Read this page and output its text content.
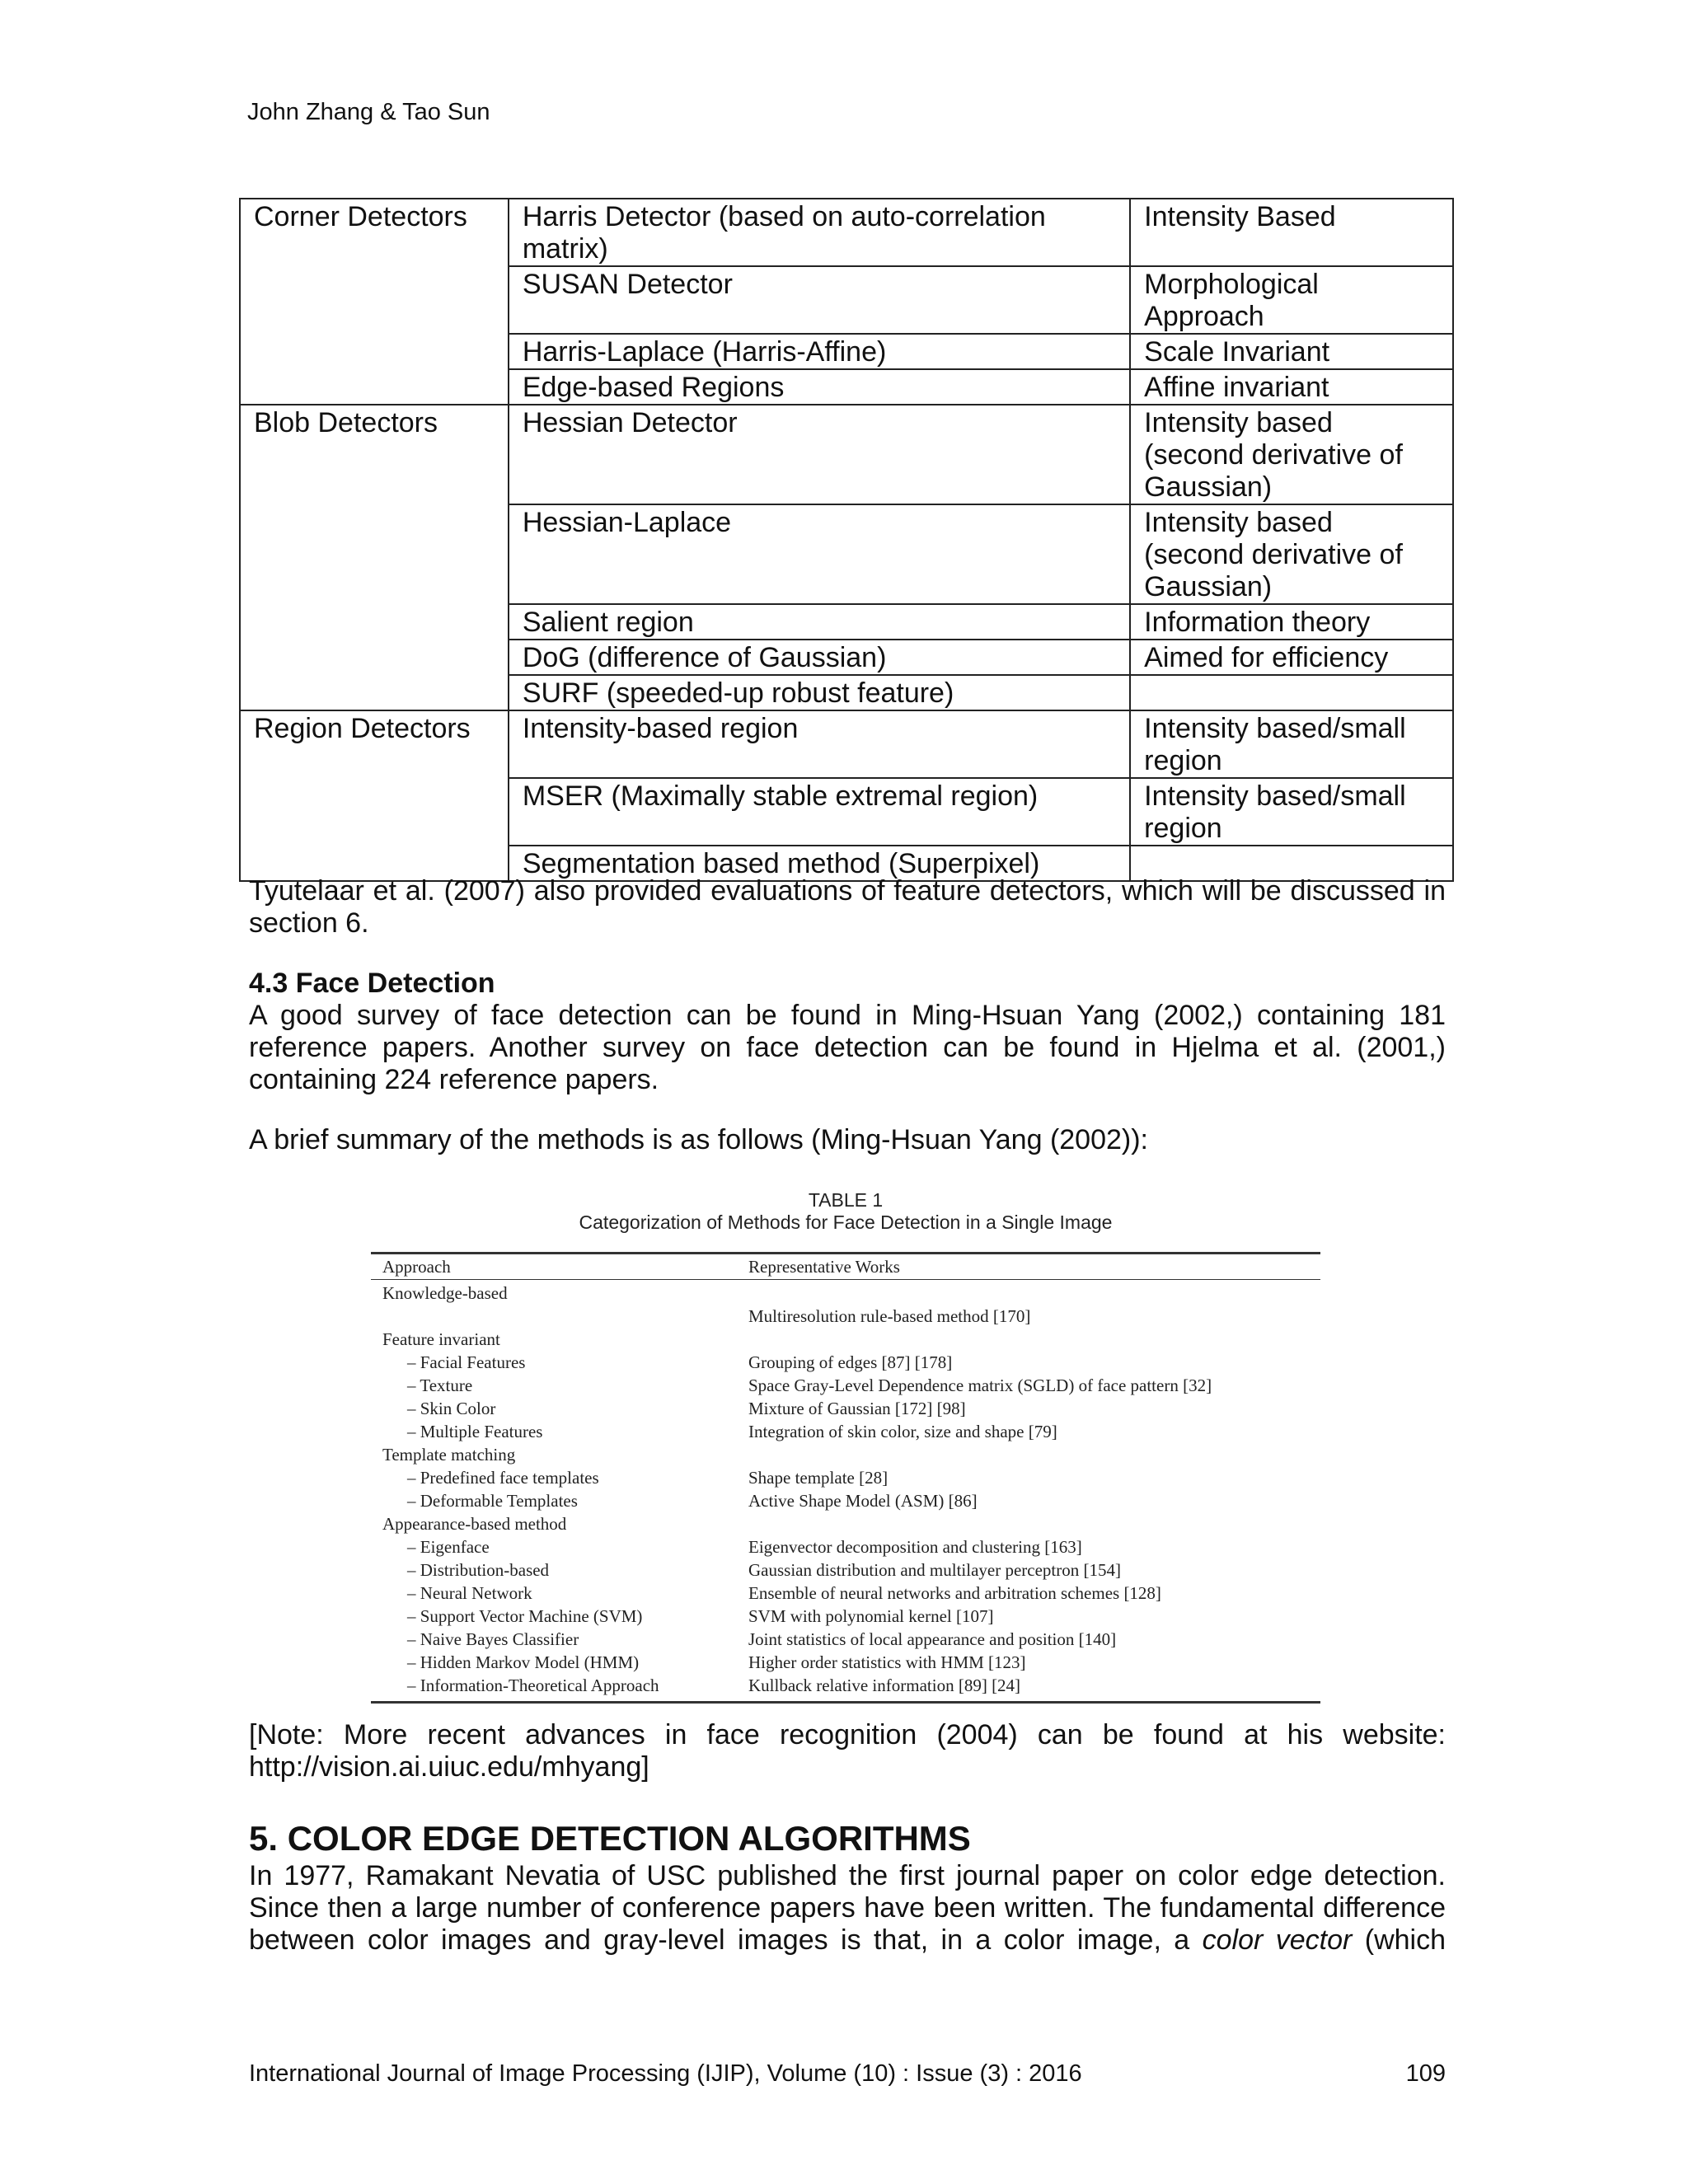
John Zhang & Tao Sun
Corner Detectors	Harris Detector (based on auto-correlation matrix)	Intensity Based
	SUSAN Detector	Morphological Approach
	Harris-Laplace (Harris-Affine)	Scale Invariant
	Edge-based Regions	Affine invariant
Blob Detectors	Hessian Detector	Intensity based (second derivative of Gaussian)
	Hessian-Laplace	Intensity based (second derivative of Gaussian)
	Salient region	Information theory
	DoG (difference of Gaussian)	Aimed for efficiency
	SURF (speeded-up robust feature)	
Region Detectors	Intensity-based region	Intensity based/small region
	MSER (Maximally stable extremal region)	Intensity based/small region
	Segmentation based method (Superpixel)	
Tyutelaar et al. (2007) also provided evaluations of feature detectors, which will be discussed in section 6.
4.3 Face Detection
A good survey of face detection can be found in Ming-Hsuan Yang (2002,) containing 181 reference papers. Another survey on face detection can be found in Hjelma et al. (2001,) containing 224 reference papers.
A brief summary of the methods is as follows (Ming-Hsuan Yang (2002)):
TABLE 1
Categorization of Methods for Face Detection in a Single Image
Approach	Representative Works
Knowledge-based
Multiresolution rule-based method [170]
Feature invariant
– Facial Features	Grouping of edges [87] [178]
– Texture	Space Gray-Level Dependence matrix (SGLD) of face pattern [32]
– Skin Color	Mixture of Gaussian [172] [98]
– Multiple Features	Integration of skin color, size and shape [79]
Template matching
– Predefined face templates	Shape template [28]
– Deformable Templates	Active Shape Model (ASM) [86]
Appearance-based method
– Eigenface	Eigenvector decomposition and clustering [163]
– Distribution-based	Gaussian distribution and multilayer perceptron [154]
– Neural Network	Ensemble of neural networks and arbitration schemes [128]
– Support Vector Machine (SVM)	SVM with polynomial kernel [107]
– Naive Bayes Classifier	Joint statistics of local appearance and position [140]
– Hidden Markov Model (HMM)	Higher order statistics with HMM [123]
– Information-Theoretical Approach	Kullback relative information [89] [24]
[Note: More recent advances in face recognition (2004) can be found at his website:
http://vision.ai.uiuc.edu/mhyang]
5. COLOR EDGE DETECTION ALGORITHMS
In 1977, Ramakant Nevatia of USC published the first journal paper on color edge detection. Since then a large number of conference papers have been written. The fundamental difference between color images and gray-level images is that, in a color image, a color vector (which
International Journal of Image Processing (IJIP), Volume (10) : Issue (3) : 2016	109
